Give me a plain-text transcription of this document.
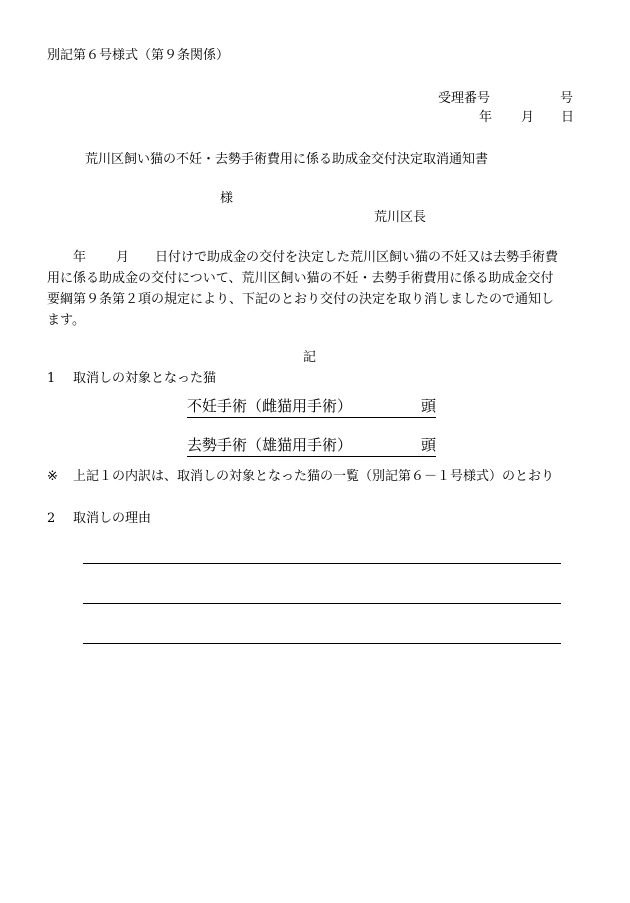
別記第６号様式（第９条関係）
受理番号	号
年 月 日
荒川区飼い猫の不妊・去勢手術費用に係る助成金交付決定取消通知書
様
荒川区長
年 月 日付けで助成金の交付を決定した荒川区飼い猫の不妊又は去勢手術費
用に係る助成金の交付について、荒川区飼い猫の不妊・去勢手術費用に係る助成金交付
要綱第９条第２項の規定により、下記のとおり交付の決定を取り消しましたので通知し
ます。
記
1 取消しの対象となった猫
不妊手術（雌猫用手術）	頭
去勢手術（雄猫用手術）	頭
※ 上記１の内訳は、取消しの対象となった猫の一覧（別記第６－１号様式）のとおり
2 取消しの理由
